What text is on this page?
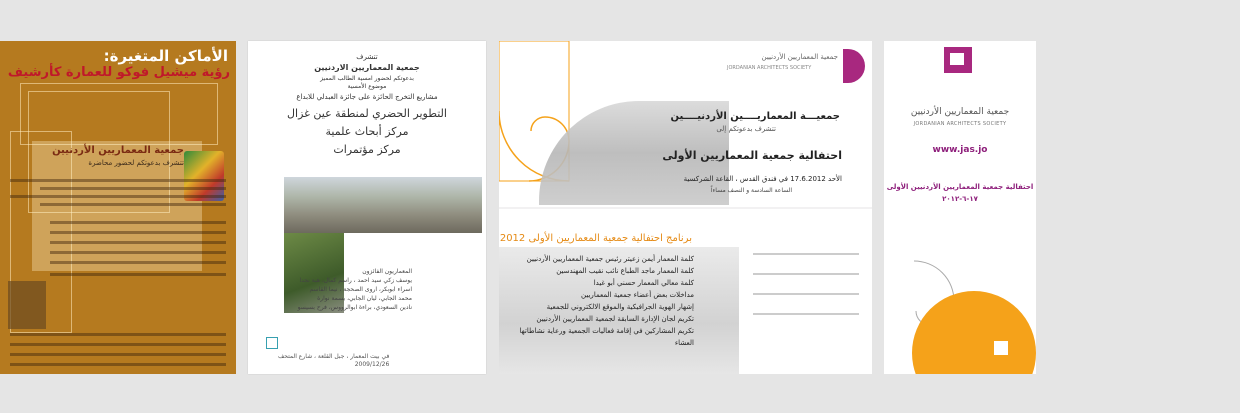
الأماكن المتغيرة:
رؤية ميشيل فوكو للعمارة كأرشيف
جمعية المعماريين الأردنيين
تتشرف بدعوتكم لحضور محاضرة
تتشرف
جمعية المعماريين الاردنيين
بدعوتكم لحضور امسية الطالب المميز
موضوع الأمسية
مشاريع التخرج الحائزة على جائزة العبدلي للابداع
التطوير الحضري لمنطقة عين غزال
مركز أبحاث علمية
مركز مؤتمرات
المعماريون الفائزون
يوسف زكي سيد احمد ، راسم كمال، هبة نجدا
اسراء ابوبكر، اروى الصحجة ، نيما القاسم
محمد الجابي، ليان الجابي، بسمة نوارة
نادين السعودي، براءة ابوالرووس، فرح بسيسو
في بيت المعمار ، جبل القلعة ، شارع المتحف
2009/12/26
جمعية المعماريين الأردنيين
JORDANIAN ARCHITECTS SOCIETY
جمعيـــة المعماريــــين الأردنيــــين
تتشرف بدعوتكم إلى
احتفالية جمعية المعماريين الأولى
الأحد 17.6.2012 في فندق القدس ، القاعة الشركسية
الساعة السادسة و النصف مساءاً
برنامج احتفالية جمعية المعماريين الأولى 2012
كلمة المعمار أيمن زعيتر رئيس جمعية المعماريين الأردنيين
كلمة المعمار ماجد الطباع نائب نقيب المهندسين
كلمة معالي المعمار حسني أبو غيدا
مداخلات بعض أعضاء جمعية المعماريين
إشهار الهوية الجرافيكية والموقع الالكتروني للجمعية
تكريم لجان الإدارة السابقة لجمعية المعماريين الأردنيين
تكريم المشاركين في إقامة فعاليات الجمعية ورعاية نشاطاتها
العشاء
جمعية المعماريين الأردنيين
JORDANIAN ARCHITECTS SOCIETY
www.jas.jo
احتفالية جمعية المعماريين الأردنيين الأولى
١٧-٦-٢٠١٢
